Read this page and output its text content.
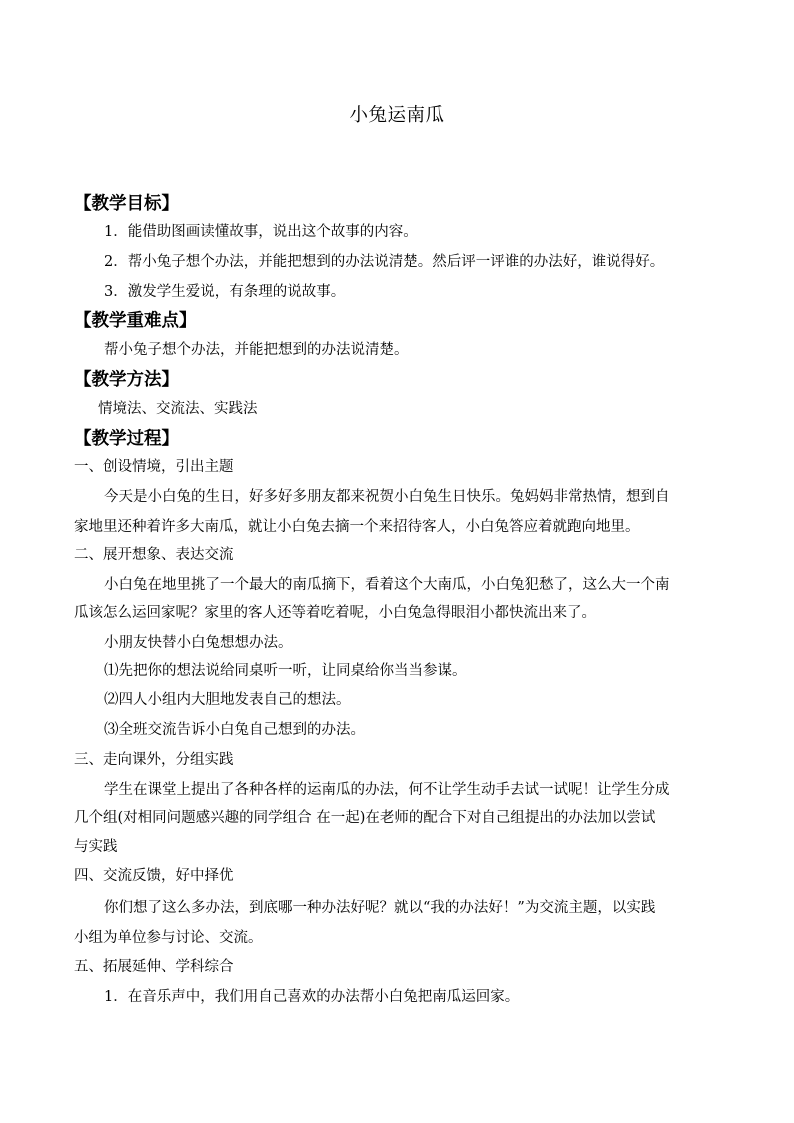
小兔运南瓜
【教学目标】
1．能借助图画读懂故事，说出这个故事的内容。
2．帮小兔子想个办法，并能把想到的办法说清楚。然后评一评谁的办法好，谁说得好。
3．激发学生爱说，有条理的说故事。
【教学重难点】
帮小兔子想个办法，并能把想到的办法说清楚。
【教学方法】
情境法、交流法、实践法
【教学过程】
一、创设情境，引出主题
今天是小白兔的生日，好多好多朋友都来祝贺小白兔生日快乐。兔妈妈非常热情，想到自
家地里还种着许多大南瓜，就让小白兔去摘一个来招待客人，小白兔答应着就跑向地里。
二、展开想象、表达交流
小白兔在地里挑了一个最大的南瓜摘下，看着这个大南瓜，小白兔犯愁了，这么大一个南
瓜该怎么运回家呢？家里的客人还等着吃着呢，小白兔急得眼泪小都快流出来了。
小朋友快替小白兔想想办法。
⑴先把你的想法说给同桌听一听，让同桌给你当当参谋。
⑵四人小组内大胆地发表自己的想法。
⑶全班交流告诉小白兔自己想到的办法。
三、走向课外，分组实践
学生在课堂上提出了各种各样的运南瓜的办法，何不让学生动手去试一试呢！让学生分成
几个组(对相同问题感兴趣的同学组合 在一起)在老师的配合下对自己组提出的办法加以尝试
与实践
四、交流反馈，好中择优
你们想了这么多办法，到底哪一种办法好呢？就以“我的办法好！”为交流主题，以实践
小组为单位参与讨论、交流。
五、拓展延伸、学科综合
1．在音乐声中，我们用自己喜欢的办法帮小白兔把南瓜运回家。
